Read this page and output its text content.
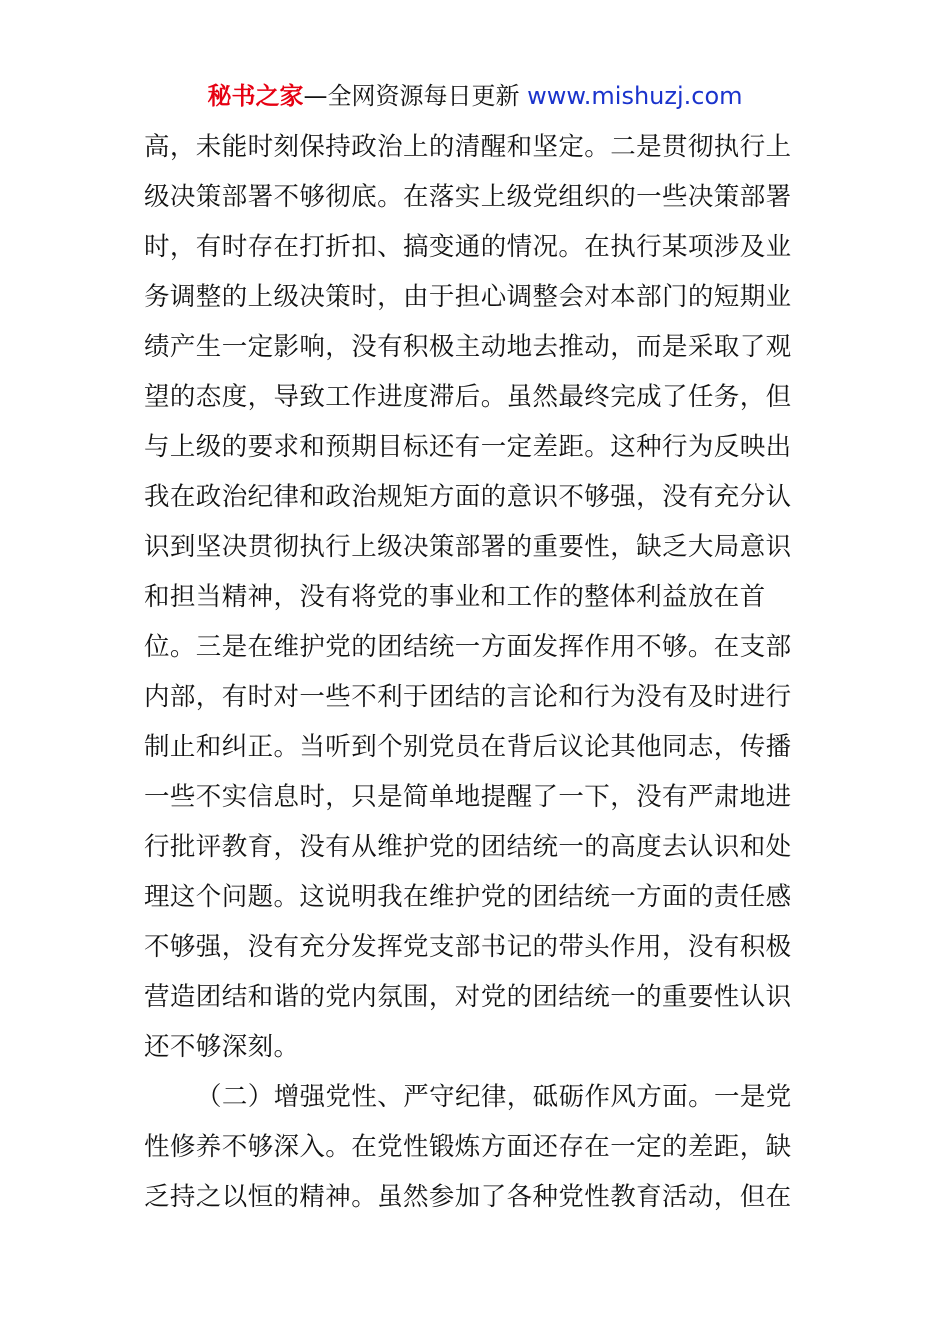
秘书之家—全网资源每日更新 www.mishuzj.com
高，未能时刻保持政治上的清醒和坚定。二是贯彻执行上
级决策部署不够彻底。在落实上级党组织的一些决策部署
时，有时存在打折扣、搞变通的情况。在执行某项涉及业
务调整的上级决策时，由于担心调整会对本部门的短期业
绩产生一定影响，没有积极主动地去推动，而是采取了观
望的态度，导致工作进度滞后。虽然最终完成了任务，但
与上级的要求和预期目标还有一定差距。这种行为反映出
我在政治纪律和政治规矩方面的意识不够强，没有充分认
识到坚决贯彻执行上级决策部署的重要性，缺乏大局意识
和担当精神，没有将党的事业和工作的整体利益放在首
位。三是在维护党的团结统一方面发挥作用不够。在支部
内部，有时对一些不利于团结的言论和行为没有及时进行
制止和纠正。当听到个别党员在背后议论其他同志，传播
一些不实信息时，只是简单地提醒了一下，没有严肃地进
行批评教育，没有从维护党的团结统一的高度去认识和处
理这个问题。这说明我在维护党的团结统一方面的责任感
不够强，没有充分发挥党支部书记的带头作用，没有积极
营造团结和谐的党内氛围，对党的团结统一的重要性认识
还不够深刻。
（二）增强党性、严守纪律，砥砺作风方面。一是党
性修养不够深入。在党性锻炼方面还存在一定的差距，缺
乏持之以恒的精神。虽然参加了各种党性教育活动，但在
